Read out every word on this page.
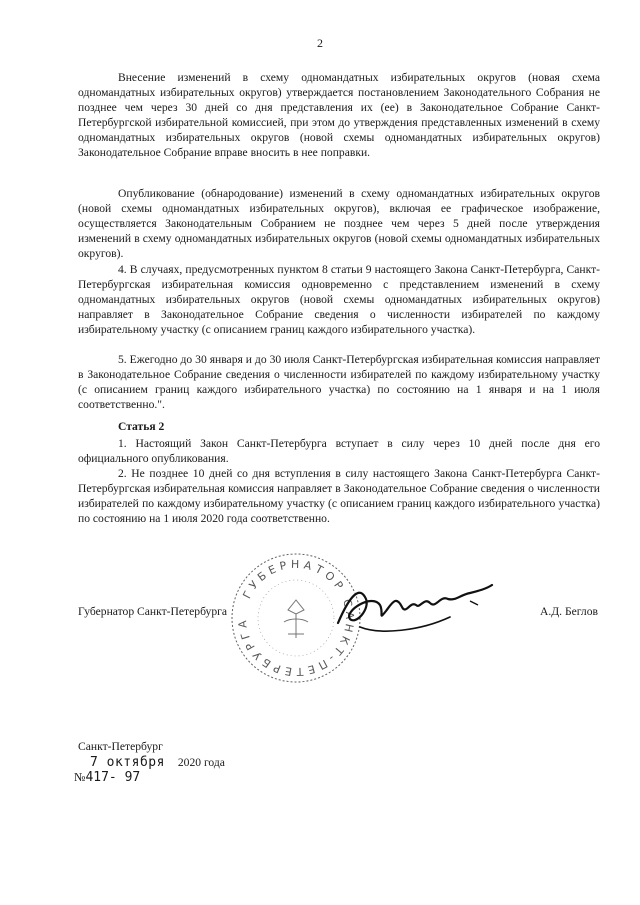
2

Внесение изменений в схему одномандатных избирательных округов (новая схема одномандатных избирательных округов) утверждается постановлением Законодательного Собрания не позднее чем через 30 дней со дня представления их (ее) в Законодательное Собрание Санкт-Петербургской избирательной комиссией, при этом до утверждения представленных изменений в схему одномандатных избирательных округов (новой схемы одномандатных избирательных округов) Законодательное Собрание вправе вносить в нее поправки.

Опубликование (обнародование) изменений в схему одномандатных избирательных округов (новой схемы одномандатных избирательных округов), включая ее графическое изображение, осуществляется Законодательным Собранием не позднее чем через 5 дней после утверждения изменений в схему одномандатных избирательных округов (новой схемы одномандатных избирательных округов).

4. В случаях, предусмотренных пунктом 8 статьи 9 настоящего Закона Санкт-Петербурга, Санкт-Петербургская избирательная комиссия одновременно с представлением изменений в схему одномандатных избирательных округов (новой схемы одномандатных избирательных округов) направляет в Законодательное Собрание сведения о численности избирателей по каждому избирательному участку (с описанием границ каждого избирательного участка).

5. Ежегодно до 30 января и до 30 июля Санкт-Петербургская избирательная комиссия направляет в Законодательное Собрание сведения о численности избирателей по каждому избирательному участку (с описанием границ каждого избирательного участка) по состоянию на 1 января и на 1 июля соответственно.".

Статья 2

1. Настоящий Закон Санкт-Петербурга вступает в силу через 10 дней после дня его официального опубликования.

2. Не позднее 10 дней со дня вступления в силу настоящего Закона Санкт-Петербурга Санкт-Петербургская избирательная комиссия направляет в Законодательное Собрание сведения о численности избирателей по каждому избирательному участку (с описанием границ каждого избирательного участка) по состоянию на 1 июля 2020 года соответственно.

ГУБЕРНАТОР САНКТ-ПЕТЕРБУРГА
Губернатор Санкт-Петербурга	А.Д. Беглов
Санкт-Петербург
7 октября 2020 года
№417- 97
